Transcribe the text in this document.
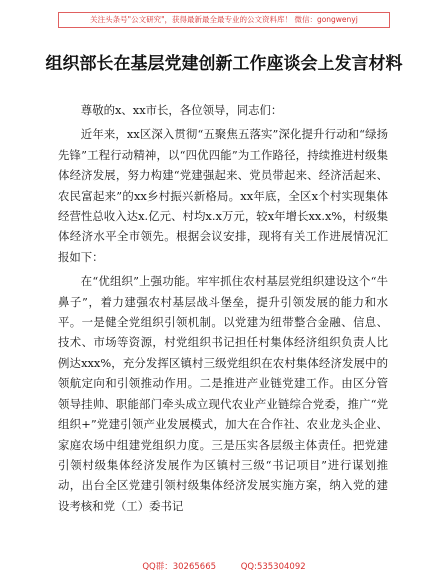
关注头条号"公文研究"，获得最新最全最专业的公文资料库！ 微信：gongwenyj
组织部长在基层党建创新工作座谈会上发言材料

尊敬的x、xx市长，各位领导，同志们：

近年来，xx区深入贯彻“五聚焦五落实”深化提升行动和“绿扬先锋”工程行动精神，以“四优四能”为工作路径，持续推进村级集体经济发展，努力构建“党建强起来、党员带起来、经济活起来、农民富起来”的xx乡村振兴新格局。xx年底，全区x个村实现集体经营性总收入达x.亿元、村均x.x万元，较x年增长xx.x%，村级集体经济水平全市领先。根据会议安排，现将有关工作进展情况汇报如下：

在“优组织”上强功能。牢牢抓住农村基层党组织建设这个“牛鼻子”，着力建强农村基层战斗堡垒，提升引领发展的能力和水平。一是健全党组织引领机制。以党建为纽带整合金融、信息、技术、市场等资源，村党组织书记担任村集体经济组织负责人比例达xxx%，充分发挥区镇村三级党组织在农村集体经济发展中的领航定向和引领推动作用。二是推进产业链党建工作。由区分管领导挂帅、职能部门牵头成立现代农业产业链综合党委，推广“党组织+”党建引领产业发展模式，加大在合作社、农业龙头企业、家庭农场中组建党组织力度。三是压实各层级主体责任。把党建引领村级集体经济发展作为区镇村三级“书记项目”进行谋划推动，出台全区党建引领村级集体经济发展实施方案，纳入党的建设考核和党（工）委书记

QQ群：30265665	QQ:535304092
